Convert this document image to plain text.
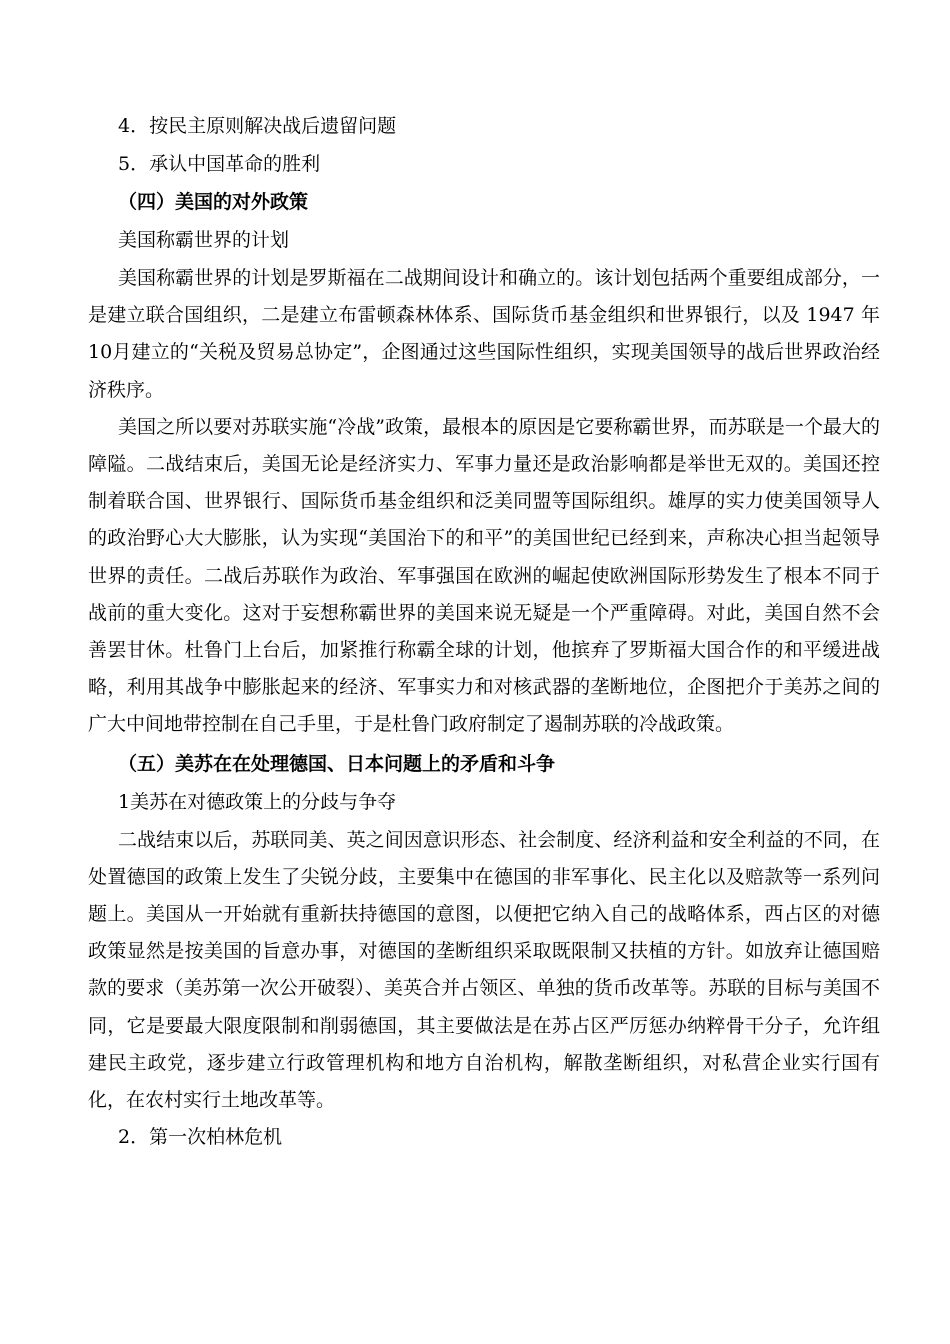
4．按民主原则解决战后遗留问题

5．承认中国革命的胜利

（四）美国的对外政策

美国称霸世界的计划

美国称霸世界的计划是罗斯福在二战期间设计和确立的。该计划包括两个重要组成部分，一是建立联合国组织，二是建立布雷顿森林体系、国际货币基金组织和世界银行，以及 1947 年10月建立的“关税及贸易总协定”，企图通过这些国际性组织，实现美国领导的战后世界政治经济秩序。

美国之所以要对苏联实施“冷战”政策，最根本的原因是它要称霸世界，而苏联是一个最大的障隘。二战结束后，美国无论是经济实力、军事力量还是政治影响都是举世无双的。美国还控制着联合国、世界银行、国际货币基金组织和泛美同盟等国际组织。雄厚的实力使美国领导人的政治野心大大膨胀，认为实现“美国治下的和平”的美国世纪已经到来，声称决心担当起领导世界的责任。二战后苏联作为政治、军事强国在欧洲的崛起使欧洲国际形势发生了根本不同于战前的重大变化。这对于妄想称霸世界的美国来说无疑是一个严重障碍。对此，美国自然不会善罢甘休。杜鲁门上台后，加紧推行称霸全球的计划，他摈弃了罗斯福大国合作的和平缓进战略，利用其战争中膨胀起来的经济、军事实力和对核武器的垄断地位，企图把介于美苏之间的广大中间地带控制在自己手里，于是杜鲁门政府制定了遏制苏联的冷战政策。

（五）美苏在在处理德国、日本问题上的矛盾和斗争

1美苏在对德政策上的分歧与争夺

二战结束以后，苏联同美、英之间因意识形态、社会制度、经济利益和安全利益的不同，在处置德国的政策上发生了尖锐分歧，主要集中在德国的非军事化、民主化以及赔款等一系列问题上。美国从一开始就有重新扶持德国的意图，以便把它纳入自己的战略体系，西占区的对德政策显然是按美国的旨意办事，对德国的垄断组织采取既限制又扶植的方针。如放弃让德国赔款的要求（美苏第一次公开破裂）、美英合并占领区、单独的货币改革等。苏联的目标与美国不同，它是要最大限度限制和削弱德国，其主要做法是在苏占区严厉惩办纳粹骨干分子，允许组建民主政党，逐步建立行政管理机构和地方自治机构，解散垄断组织，对私营企业实行国有化，在农村实行土地改革等。

2．第一次柏林危机
